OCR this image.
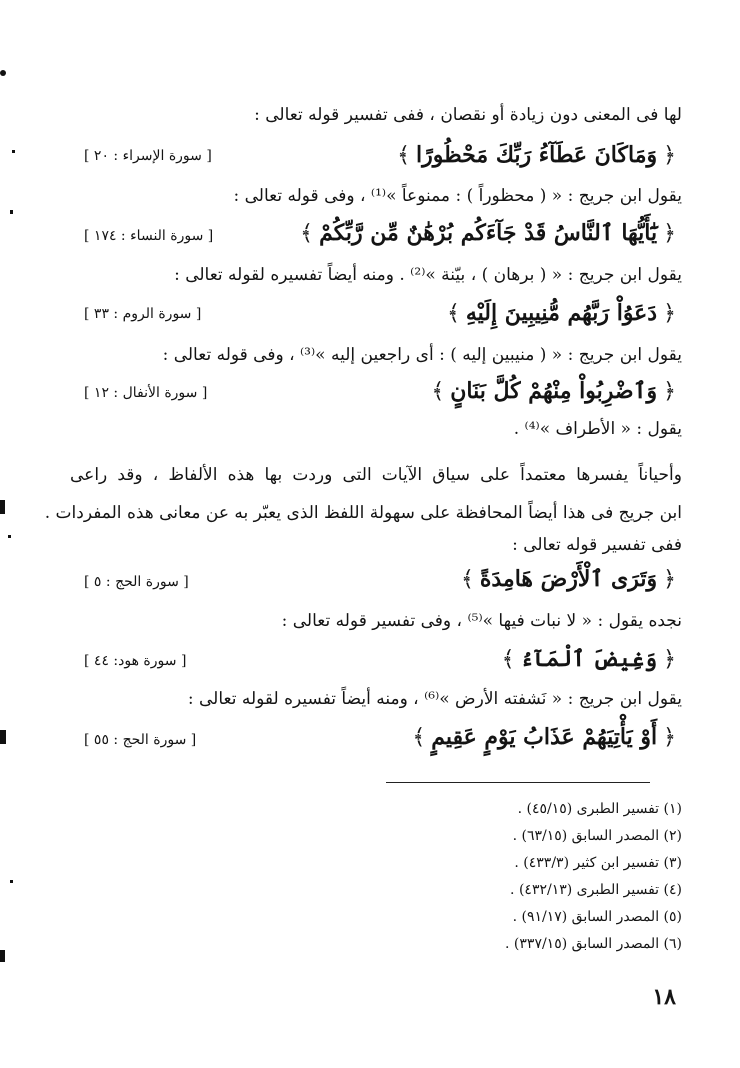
لها فى المعنى دون زيادة أو نقصان ، ففى تفسير قوله تعالى :
﴿وَمَاكَانَ عَطَآءُ رَبِّكَ مَحْظُورًا﴾
[ سورة الإسراء : ٢٠ ]
يقول ابن جريج : « ( محظوراً ) : ممنوعاً »⁽¹⁾ ، وفى قوله تعالى :
﴿يَٰٓأَيُّهَا ٱلنَّاسُ قَدْ جَآءَكُم بُرْهَٰنٌ مِّن رَّبِّكُمْ﴾
[ سورة النساء : ١٧٤ ]
يقول ابن جريج : « ( برهان ) ، بيّنة »⁽²⁾ . ومنه أيضاً تفسيره لقوله تعالى :
﴿دَعَوُاْ رَبَّهُم مُّنِيبِينَ إِلَيْهِ﴾
[ سورة الروم : ٣٣ ]
يقول ابن جريج : « ( منيبين إليه ) : أى راجعين إليه »⁽³⁾ ، وفى قوله تعالى :
﴿وَٱضْرِبُواْ مِنْهُمْ كُلَّ بَنَانٍ﴾
[ سورة الأنفال : ١٢ ]
يقول : « الأطراف »⁽⁴⁾ .
وأحياناً يفسرها معتمداً على سياق الآيات التى وردت بها هذه الألفاظ ، وقد راعى
ابن جريج فى هذا أيضاً المحافظة على سهولة اللفظ الذى يعبّر به عن معانى هذه المفردات .
ففى تفسير قوله تعالى :
﴿وَتَرَى ٱلْأَرْضَ هَامِدَةً﴾
[ سورة الحج : ٥ ]
نجده يقول : « لا نبات فيها »⁽⁵⁾ ، وفى تفسير قوله تعالى :
﴿وَغِيضَ ٱلْمَآءُ﴾
[ سورة هود: ٤٤ ]
يقول ابن جريج : « نَشفته الأرض »⁽⁶⁾ ، ومنه أيضاً تفسيره لقوله تعالى :
﴿أَوْ يَأْتِيَهُمْ عَذَابُ يَوْمٍ عَقِيمٍ﴾
[ سورة الحج : ٥٥ ]
(١) تفسير الطبرى (٤٥/١٥) .
(٢) المصدر السابق (٦٣/١٥) .
(٣) تفسير ابن كثير (٤٣٣/٣) .
(٤) تفسير الطبرى (٤٣٢/١٣) .
(٥) المصدر السابق (٩١/١٧) .
(٦) المصدر السابق (٣٣٧/١٥) .
١٨
